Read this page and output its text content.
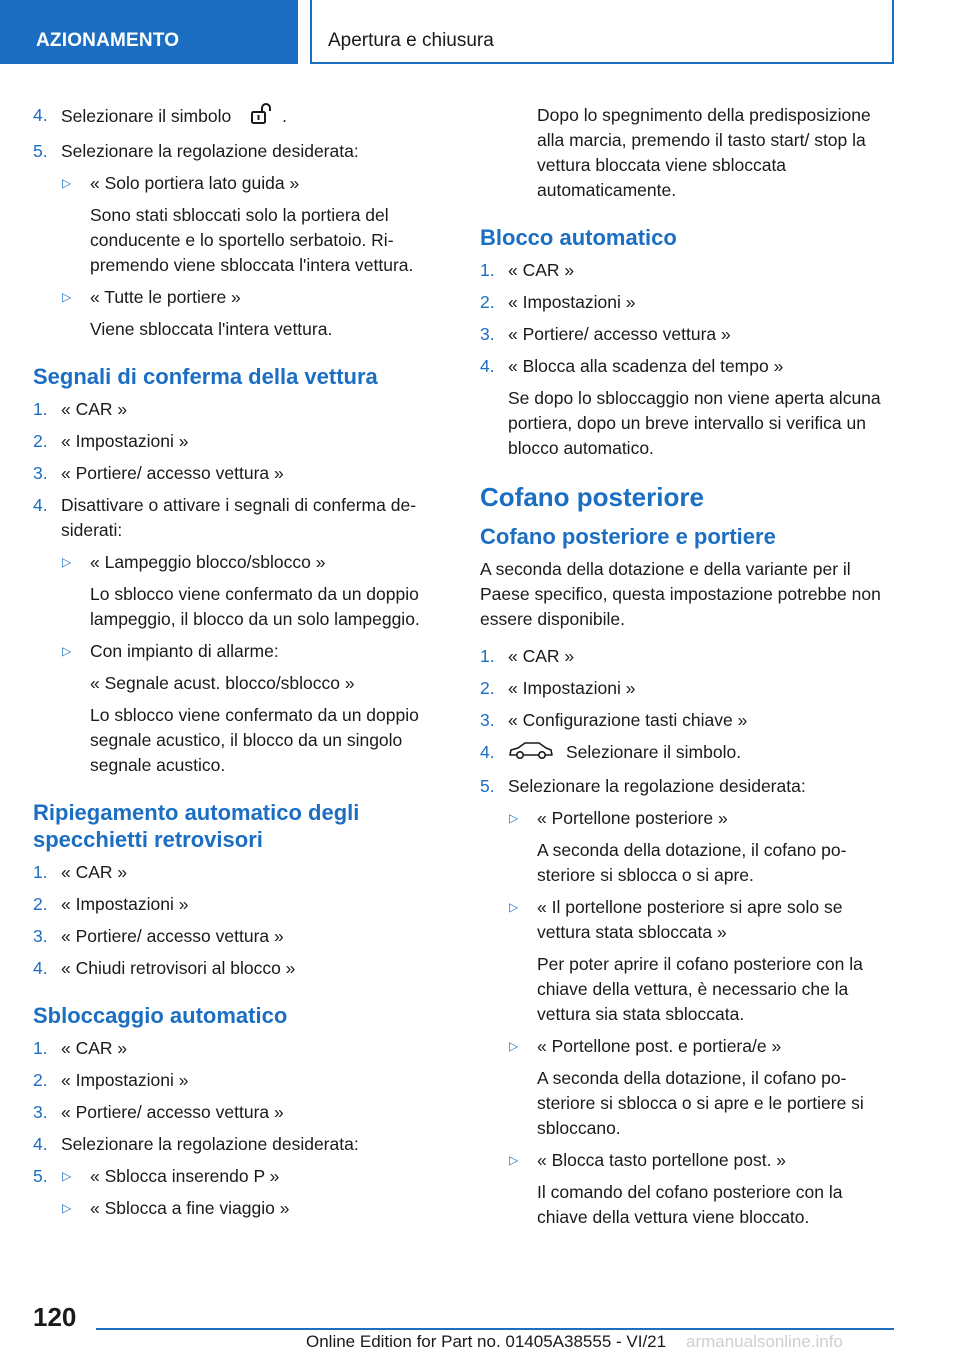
AZIONAMENTO	Apertura e chiusura
4. Selezionare il simbolo	.
5. Selezionare la regolazione desiderata:
▷ « Solo portiera lato guida »
Sono stati sbloccati solo la portiera del conducente e lo sportello serbatoio. Ripremendo viene sbloccata l'intera vettura.
▷ « Tutte le portiere »
Viene sbloccata l'intera vettura.
Segnali di conferma della vettura
1. « CAR »
2. « Impostazioni »
3. « Portiere/ accesso vettura »
4. Disattivare o attivare i segnali di conferma desiderati:
▷ « Lampeggio blocco/sblocco »
Lo sblocco viene confermato da un doppio lampeggio, il blocco da un solo lampeggio.
▷ Con impianto di allarme:
« Segnale acust. blocco/sblocco »
Lo sblocco viene confermato da un doppio segnale acustico, il blocco da un singolo segnale acustico.
Ripiegamento automatico degli specchietti retrovisori
1. « CAR »
2. « Impostazioni »
3. « Portiere/ accesso vettura »
4. « Chiudi retrovisori al blocco »
Sbloccaggio automatico
1. « CAR »
2. « Impostazioni »
3. « Portiere/ accesso vettura »
4. Selezionare la regolazione desiderata:
5. ▷ « Sblocca inserendo P »
▷ « Sblocca a fine viaggio »
Dopo lo spegnimento della predisposizione alla marcia, premendo il tasto start/ stop la vettura bloccata viene sbloccata automaticamente.
Blocco automatico
1. « CAR »
2. « Impostazioni »
3. « Portiere/ accesso vettura »
4. « Blocca alla scadenza del tempo »
Se dopo lo sbloccaggio non viene aperta alcuna portiera, dopo un breve intervallo si verifica un blocco automatico.
Cofano posteriore
Cofano posteriore e portiere
A seconda della dotazione e della variante per il Paese specifico, questa impostazione potrebbe non essere disponibile.
1. « CAR »
2. « Impostazioni »
3. « Configurazione tasti chiave »
4.	Selezionare il simbolo.
5. Selezionare la regolazione desiderata:
▷ « Portellone posteriore »
A seconda della dotazione, il cofano posteriore si sblocca o si apre.
▷ « Il portellone posteriore si apre solo se vettura stata sbloccata »
Per poter aprire il cofano posteriore con la chiave della vettura, è necessario che la vettura sia stata sbloccata.
▷ « Portellone post. e portiera/e »
A seconda della dotazione, il cofano posteriore si sblocca o si apre e le portiere si sbloccano.
▷ « Blocca tasto portellone post. »
Il comando del cofano posteriore con la chiave della vettura viene bloccato.
120
Online Edition for Part no. 01405A38555 - VI/21 armanualsonline.info
